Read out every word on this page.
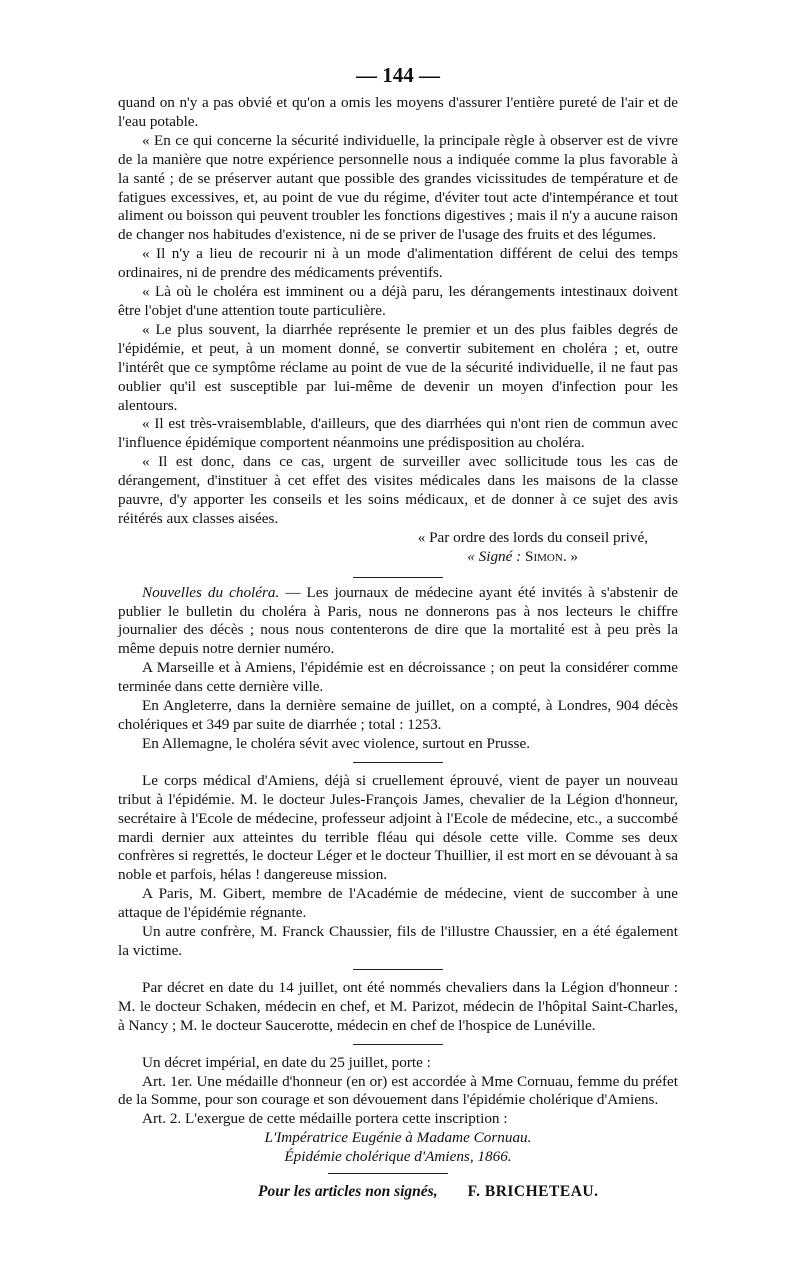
— 144 —

quand on n'y a pas obvié et qu'on a omis les moyens d'assurer l'entière pureté de l'air et de l'eau potable.

« En ce qui concerne la sécurité individuelle, la principale règle à observer est de vivre de la manière que notre expérience personnelle nous a indiquée comme la plus favorable à la santé ; de se préserver autant que possible des grandes vicissitudes de température et de fatigues excessives, et, au point de vue du régime, d'éviter tout acte d'intempérance et tout aliment ou boisson qui peuvent troubler les fonctions digestives ; mais il n'y a aucune raison de changer nos habitudes d'existence, ni de se priver de l'usage des fruits et des légumes.

« Il n'y a lieu de recourir ni à un mode d'alimentation différent de celui des temps ordinaires, ni de prendre des médicaments préventifs.

« Là où le choléra est imminent ou a déjà paru, les dérangements intestinaux doivent être l'objet d'une attention toute particulière.

« Le plus souvent, la diarrhée représente le premier et un des plus faibles degrés de l'épidémie, et peut, à un moment donné, se convertir subitement en choléra ; et, outre l'intérêt que ce symptôme réclame au point de vue de la sécurité individuelle, il ne faut pas oublier qu'il est susceptible par lui-même de devenir un moyen d'infection pour les alentours.

« Il est très-vraisemblable, d'ailleurs, que des diarrhées qui n'ont rien de commun avec l'influence épidémique comportent néanmoins une prédisposition au choléra.

« Il est donc, dans ce cas, urgent de surveiller avec sollicitude tous les cas de dérangement, d'instituer à cet effet des visites médicales dans les maisons de la classe pauvre, d'y apporter les conseils et les soins médicaux, et de donner à ce sujet des avis réitérés aux classes aisées.

« Par ordre des lords du conseil privé,

« Signé : Simon. »

Nouvelles du choléra. — Les journaux de médecine ayant été invités à s'abstenir de publier le bulletin du choléra à Paris, nous ne donnerons pas à nos lecteurs le chiffre journalier des décès ; nous nous contenterons de dire que la mortalité est à peu près la même depuis notre dernier numéro.

A Marseille et à Amiens, l'épidémie est en décroissance ; on peut la considérer comme terminée dans cette dernière ville.

En Angleterre, dans la dernière semaine de juillet, on a compté, à Londres, 904 décès cholériques et 349 par suite de diarrhée ; total : 1253.

En Allemagne, le choléra sévit avec violence, surtout en Prusse.

Le corps médical d'Amiens, déjà si cruellement éprouvé, vient de payer un nouveau tribut à l'épidémie. M. le docteur Jules-François James, chevalier de la Légion d'honneur, secrétaire à l'Ecole de médecine, professeur adjoint à l'Ecole de médecine, etc., a succombé mardi dernier aux atteintes du terrible fléau qui désole cette ville. Comme ses deux confrères si regrettés, le docteur Léger et le docteur Thuillier, il est mort en se dévouant à sa noble et parfois, hélas ! dangereuse mission.

A Paris, M. Gibert, membre de l'Académie de médecine, vient de succomber à une attaque de l'épidémie régnante.

Un autre confrère, M. Franck Chaussier, fils de l'illustre Chaussier, en a été également la victime.

Par décret en date du 14 juillet, ont été nommés chevaliers dans la Légion d'honneur : M. le docteur Schaken, médecin en chef, et M. Parizot, médecin de l'hôpital Saint-Charles, à Nancy ; M. le docteur Saucerotte, médecin en chef de l'hospice de Lunéville.

Un décret impérial, en date du 25 juillet, porte :

Art. 1er. Une médaille d'honneur (en or) est accordée à Mme Cornuau, femme du préfet de la Somme, pour son courage et son dévouement dans l'épidémie cholérique d'Amiens.

Art. 2. L'exergue de cette médaille portera cette inscription :

L'Impératrice Eugénie à Madame Cornuau.

Épidémie cholérique d'Amiens, 1866.

Pour les articles non signés, F. BRICHETEAU.
